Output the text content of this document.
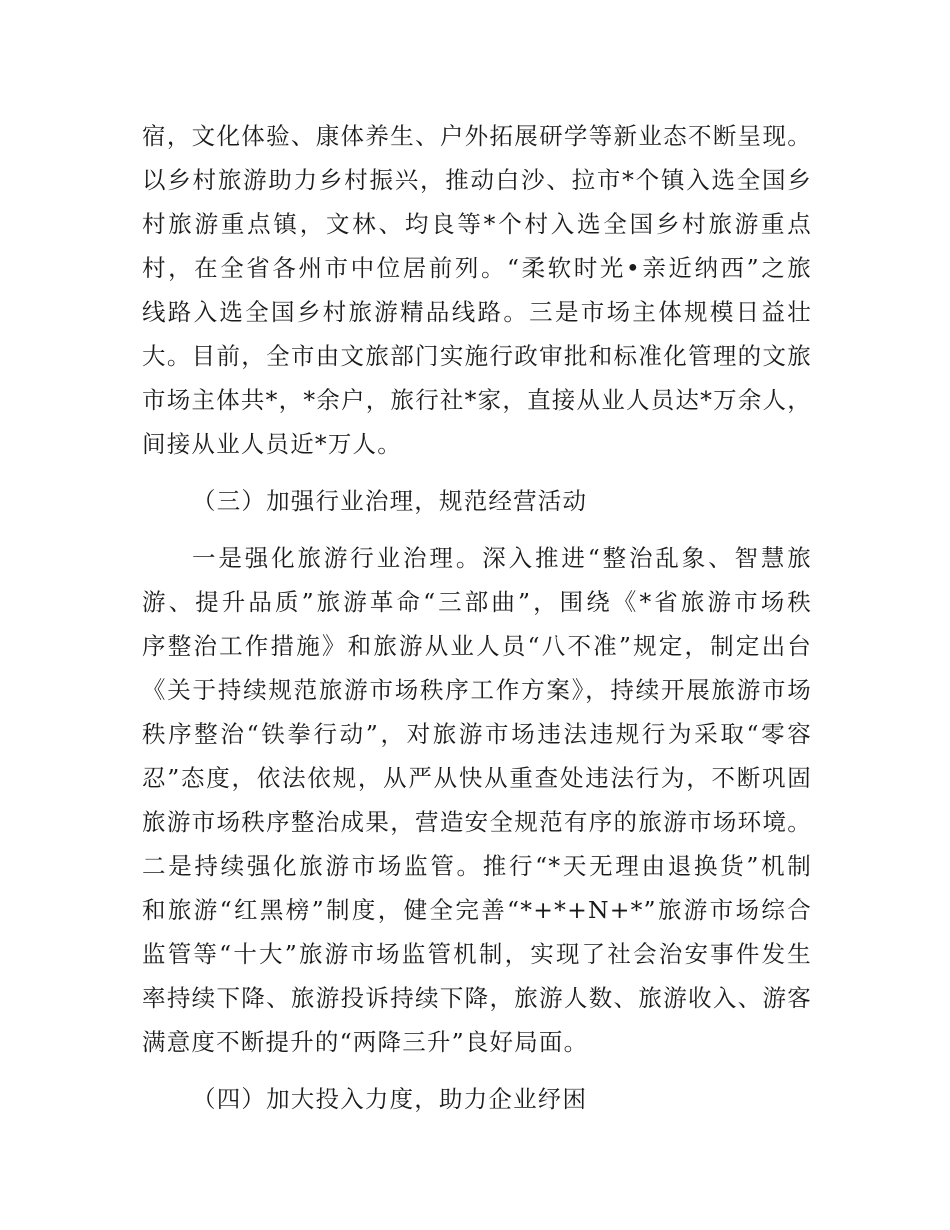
宿，文化体验、康体养生、户外拓展研学等新业态不断呈现。
以乡村旅游助力乡村振兴，推动白沙、拉市*个镇入选全国乡
村旅游重点镇，文林、均良等*个村入选全国乡村旅游重点
村，在全省各州市中位居前列。“柔软时光•亲近纳西”之旅
线路入选全国乡村旅游精品线路。三是市场主体规模日益壮
大。目前，全市由文旅部门实施行政审批和标准化管理的文旅
市场主体共*，*余户，旅行社*家，直接从业人员达*万余人，
间接从业人员近*万人。
（三）加强行业治理，规范经营活动
一是强化旅游行业治理。深入推进“整治乱象、智慧旅
游、提升品质”旅游革命“三部曲”，围绕《*省旅游市场秩
序整治工作措施》和旅游从业人员“八不准”规定，制定出台
《关于持续规范旅游市场秩序工作方案》，持续开展旅游市场
秩序整治“铁拳行动”，对旅游市场违法违规行为采取“零容
忍”态度，依法依规，从严从快从重查处违法行为，不断巩固
旅游市场秩序整治成果，营造安全规范有序的旅游市场环境。
二是持续强化旅游市场监管。推行“*天无理由退换货”机制
和旅游“红黑榜”制度，健全完善“*+*+N+*”旅游市场综合
监管等“十大”旅游市场监管机制，实现了社会治安事件发生
率持续下降、旅游投诉持续下降，旅游人数、旅游收入、游客
满意度不断提升的“两降三升”良好局面。
（四）加大投入力度，助力企业纾困
